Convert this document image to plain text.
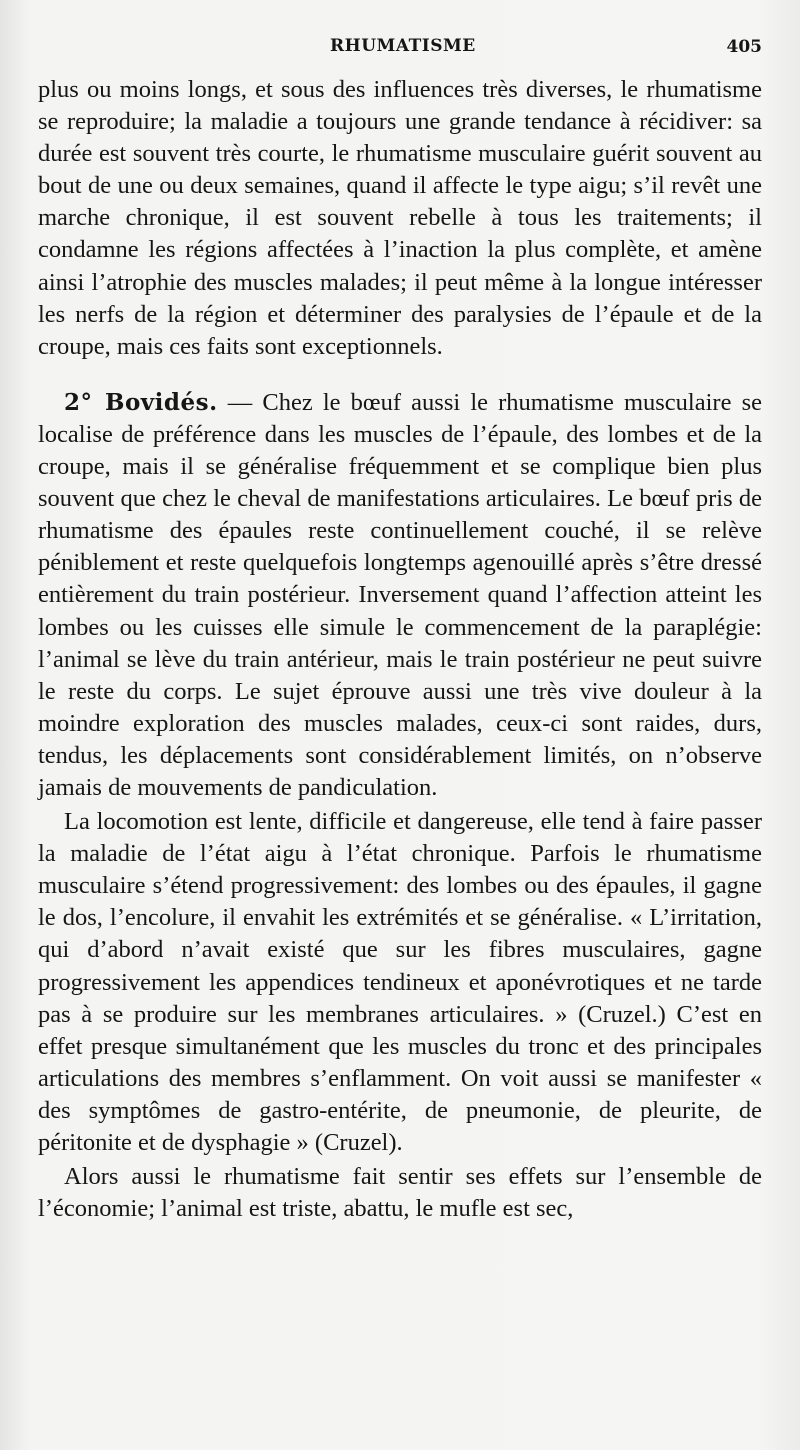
RHUMATISME	405

plus ou moins longs, et sous des influences très diverses, le rhumatisme se reproduire; la maladie a toujours une grande tendance à récidiver: sa durée est souvent très courte, le rhumatisme musculaire guérit souvent au bout de une ou deux semaines, quand il affecte le type aigu; s’il revêt une marche chronique, il est souvent rebelle à tous les traitements; il condamne les régions affectées à l’inaction la plus complète, et amène ainsi l’atrophie des muscles malades; il peut même à la longue intéresser les nerfs de la région et déterminer des paralysies de l’épaule et de la croupe, mais ces faits sont exceptionnels.

2° Bovidés. — Chez le bœuf aussi le rhumatisme musculaire se localise de préférence dans les muscles de l’épaule, des lombes et de la croupe, mais il se généralise fréquemment et se complique bien plus souvent que chez le cheval de manifestations articulaires. Le bœuf pris de rhumatisme des épaules reste continuellement couché, il se relève péniblement et reste quelquefois longtemps agenouillé après s’être dressé entièrement du train postérieur. Inversement quand l’affection atteint les lombes ou les cuisses elle simule le commencement de la paraplégie: l’animal se lève du train antérieur, mais le train postérieur ne peut suivre le reste du corps. Le sujet éprouve aussi une très vive douleur à la moindre exploration des muscles malades, ceux-ci sont raides, durs, tendus, les déplacements sont considérablement limités, on n’observe jamais de mouvements de pandiculation.

La locomotion est lente, difficile et dangereuse, elle tend à faire passer la maladie de l’état aigu à l’état chronique. Parfois le rhumatisme musculaire s’étend progressivement: des lombes ou des épaules, il gagne le dos, l’encolure, il envahit les extrémités et se généralise. « L’irritation, qui d’abord n’avait existé que sur les fibres musculaires, gagne progressivement les appendices tendineux et aponévrotiques et ne tarde pas à se produire sur les membranes articulaires. » (Cruzel.) C’est en effet presque simultanément que les muscles du tronc et des principales articulations des membres s’enflamment. On voit aussi se manifester « des symptômes de gastro-entérite, de pneumonie, de pleurite, de péritonite et de dysphagie » (Cruzel).

Alors aussi le rhumatisme fait sentir ses effets sur l’ensemble de l’économie; l’animal est triste, abattu, le mufle est sec,
